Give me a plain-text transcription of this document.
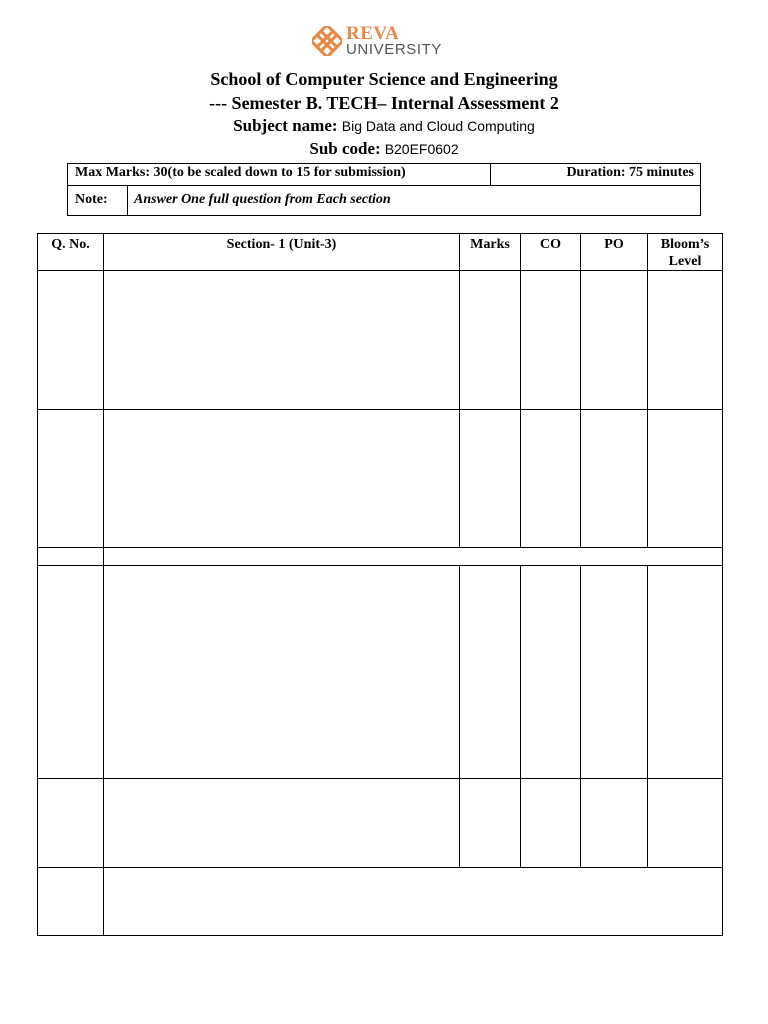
REVA
UNIVERSITY
School of Computer Science and Engineering
--- Semester B. TECH– Internal Assessment 2
Subject name: Big Data and Cloud Computing
Sub code: B20EF0602
Max Marks: 30(to be scaled down to 15 for submission)	Duration: 75 minutes
Note: Answer One full question from Each section
Q. No.	Section- 1 (Unit-3)	Marks	CO	PO	Bloom’s Level
